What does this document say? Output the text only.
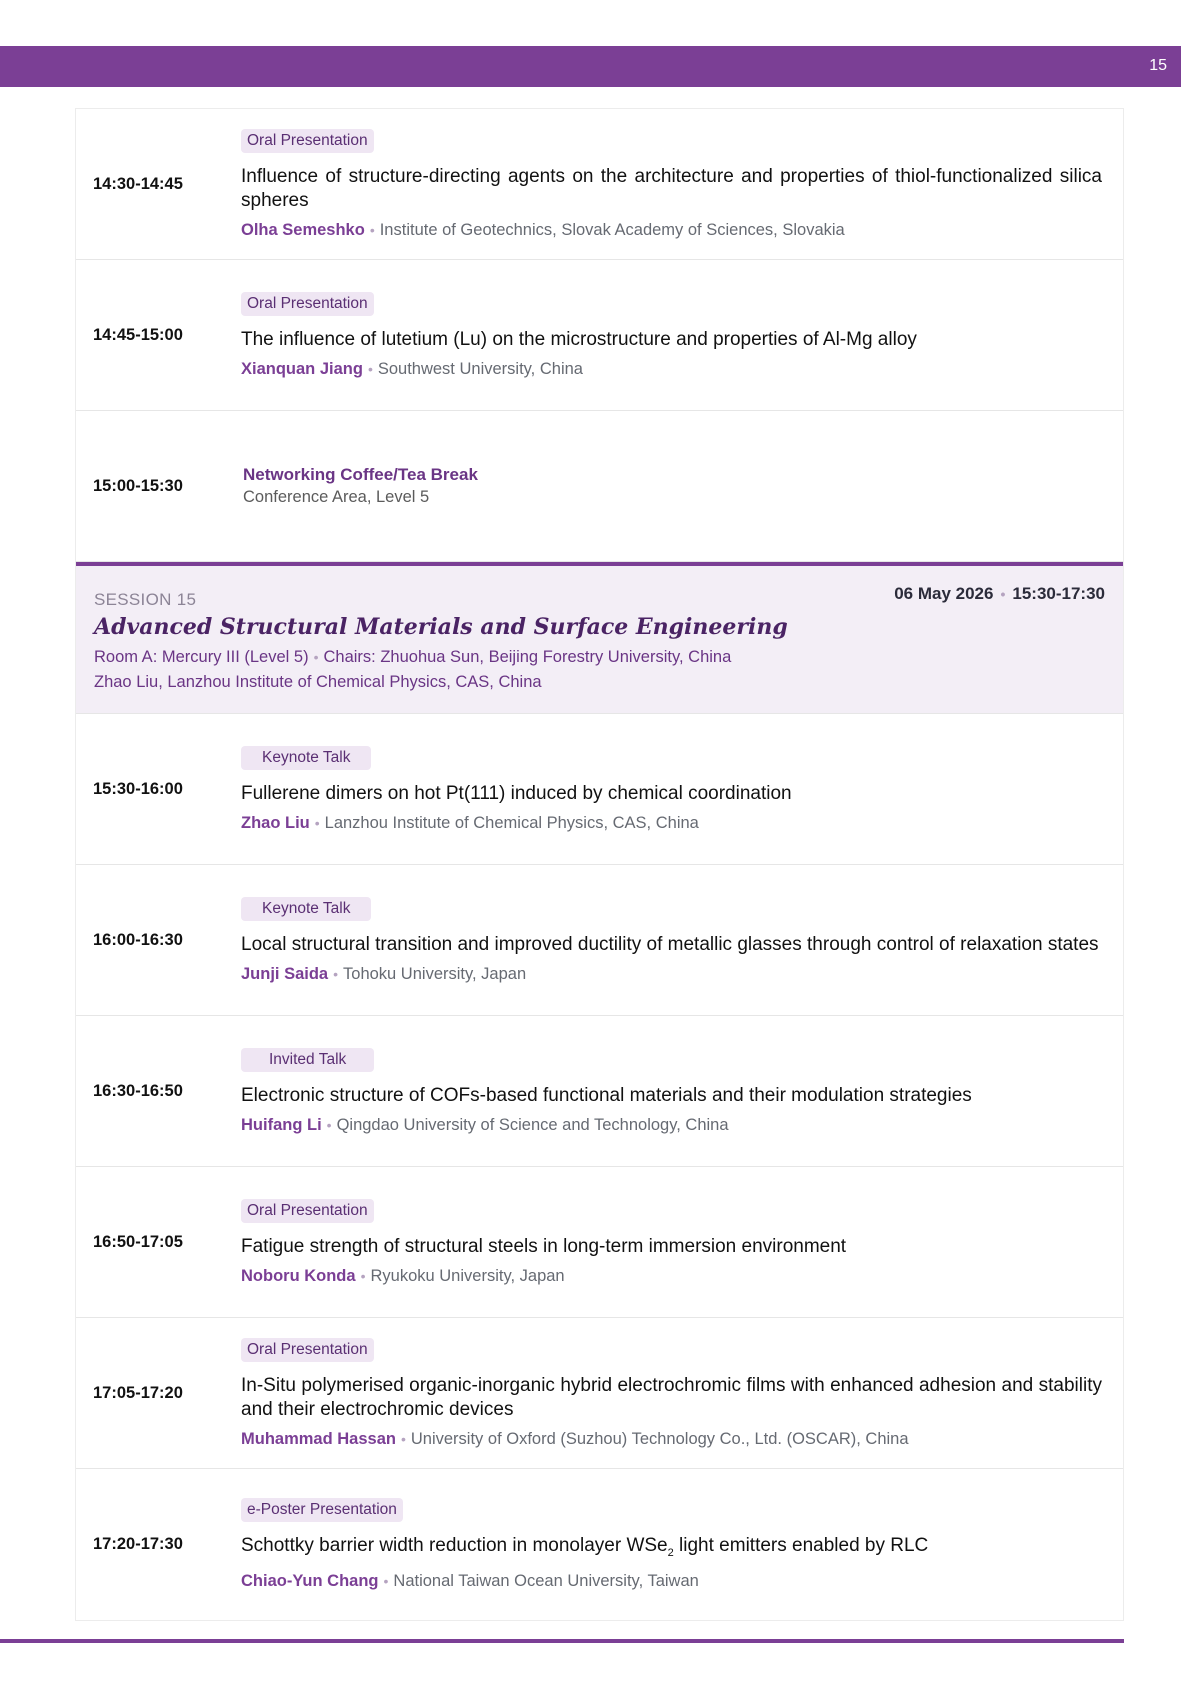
15
14:30-14:45
Oral Presentation
Influence of structure-directing agents on the architecture and properties of thiol-functionalized silica spheres
Olha Semeshko • Institute of Geotechnics, Slovak Academy of Sciences, Slovakia
14:45-15:00
Oral Presentation
The influence of lutetium (Lu) on the microstructure and properties of Al-Mg alloy
Xianquan Jiang • Southwest University, China
15:00-15:30
Networking Coffee/Tea Break
Conference Area, Level 5
SESSION 15	06 May 2026 • 15:30-17:30
Advanced Structural Materials and Surface Engineering
Room A: Mercury III (Level 5) • Chairs: Zhuohua Sun, Beijing Forestry University, China
Zhao Liu, Lanzhou Institute of Chemical Physics, CAS, China
15:30-16:00
Keynote Talk
Fullerene dimers on hot Pt(111) induced by chemical coordination
Zhao Liu • Lanzhou Institute of Chemical Physics, CAS, China
16:00-16:30
Keynote Talk
Local structural transition and improved ductility of metallic glasses through control of relaxation states
Junji Saida • Tohoku University, Japan
16:30-16:50
Invited Talk
Electronic structure of COFs-based functional materials and their modulation strategies
Huifang Li • Qingdao University of Science and Technology, China
16:50-17:05
Oral Presentation
Fatigue strength of structural steels in long-term immersion environment
Noboru Konda • Ryukoku University, Japan
17:05-17:20
Oral Presentation
In-Situ polymerised organic-inorganic hybrid electrochromic films with enhanced adhesion and stability and their electrochromic devices
Muhammad Hassan • University of Oxford (Suzhou) Technology Co., Ltd. (OSCAR), China
17:20-17:30
e-Poster Presentation
Schottky barrier width reduction in monolayer WSe$_2$ light emitters enabled by RLC
Chiao-Yun Chang • National Taiwan Ocean University, Taiwan
